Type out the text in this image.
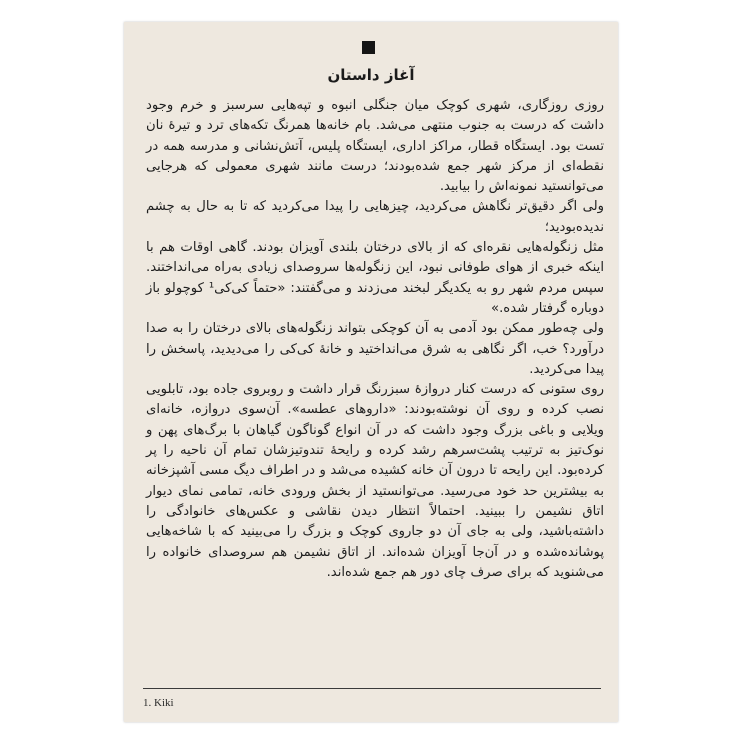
آغاز داستان

روزی روزگاری، شهری کوچک میان جنگلی انبوه و تپه‌هایی سرسبز و خرم وجود داشت که درست به جنوب منتهی می‌شد. بام خانه‌ها همرنگ تکه‌های ترد و تیرهٔ نان تست بود. ایستگاه قطار، مراکز اداری، ایستگاه پلیس، آتش‌نشانی و مدرسه همه در نقطه‌ای از مرکز شهر جمع شده‌بودند؛ درست مانند شهری معمولی که هرجایی می‌توانستید نمونه‌اش را بیابید.

ولی اگر دقیق‌تر نگاهش می‌کردید، چیزهایی را پیدا می‌کردید که تا به حال به چشم ندیده‌بودید؛

مثل زنگوله‌هایی نقره‌ای که از بالای درختان بلندی آویزان بودند. گاهی اوقات هم با اینکه خبری از هوای طوفانی نبود، این زنگوله‌ها سروصدای زیادی به‌راه می‌انداختند. سپس مردم شهر رو به یکدیگر لبخند می‌زدند و می‌گفتند: «حتماً کی‌کی¹ کوچولو باز دوباره گرفتار شده.»

ولی چه‌طور ممکن بود آدمی به آن کوچکی بتواند زنگوله‌های بالای درختان را به صدا درآورد؟ خب، اگر نگاهی به شرق می‌انداختید و خانهٔ کی‌کی را می‌دیدید، پاسخش را پیدا می‌کردید.

روی ستونی که درست کنار دروازهٔ سبزرنگ قرار داشت و روبروی جاده بود، تابلویی نصب کرده و روی آن نوشته‌بودند: «داروهای عطسه». آن‌سوی دروازه، خانه‌ای ویلایی و باغی بزرگ وجود داشت که در آن انواع گوناگون گیاهان با برگ‌های پهن و نوک‌تیز به ترتیب پشت‌سرهم رشد کرده و رایحهٔ تندوتیزشان تمام آن ناحیه را پر کرده‌بود. این رایحه تا درون آن خانه کشیده می‌شد و در اطراف دیگ مسی آشپزخانه به بیشترین حد خود می‌رسید. می‌توانستید از بخش ورودی خانه، تمامی نمای دیوار اتاق نشیمن را ببینید. احتمالاً انتظار دیدن نقاشی و عکس‌های خانوادگی را داشته‌باشید، ولی به جای آن دو جاروی کوچک و بزرگ را می‌بینید که با شاخه‌هایی پوشانده‌شده و در آن‌جا آویزان شده‌اند. از اتاق نشیمن هم سروصدای خانواده را می‌شنوید که برای صرف چای دور هم جمع شده‌اند.

1. Kiki
